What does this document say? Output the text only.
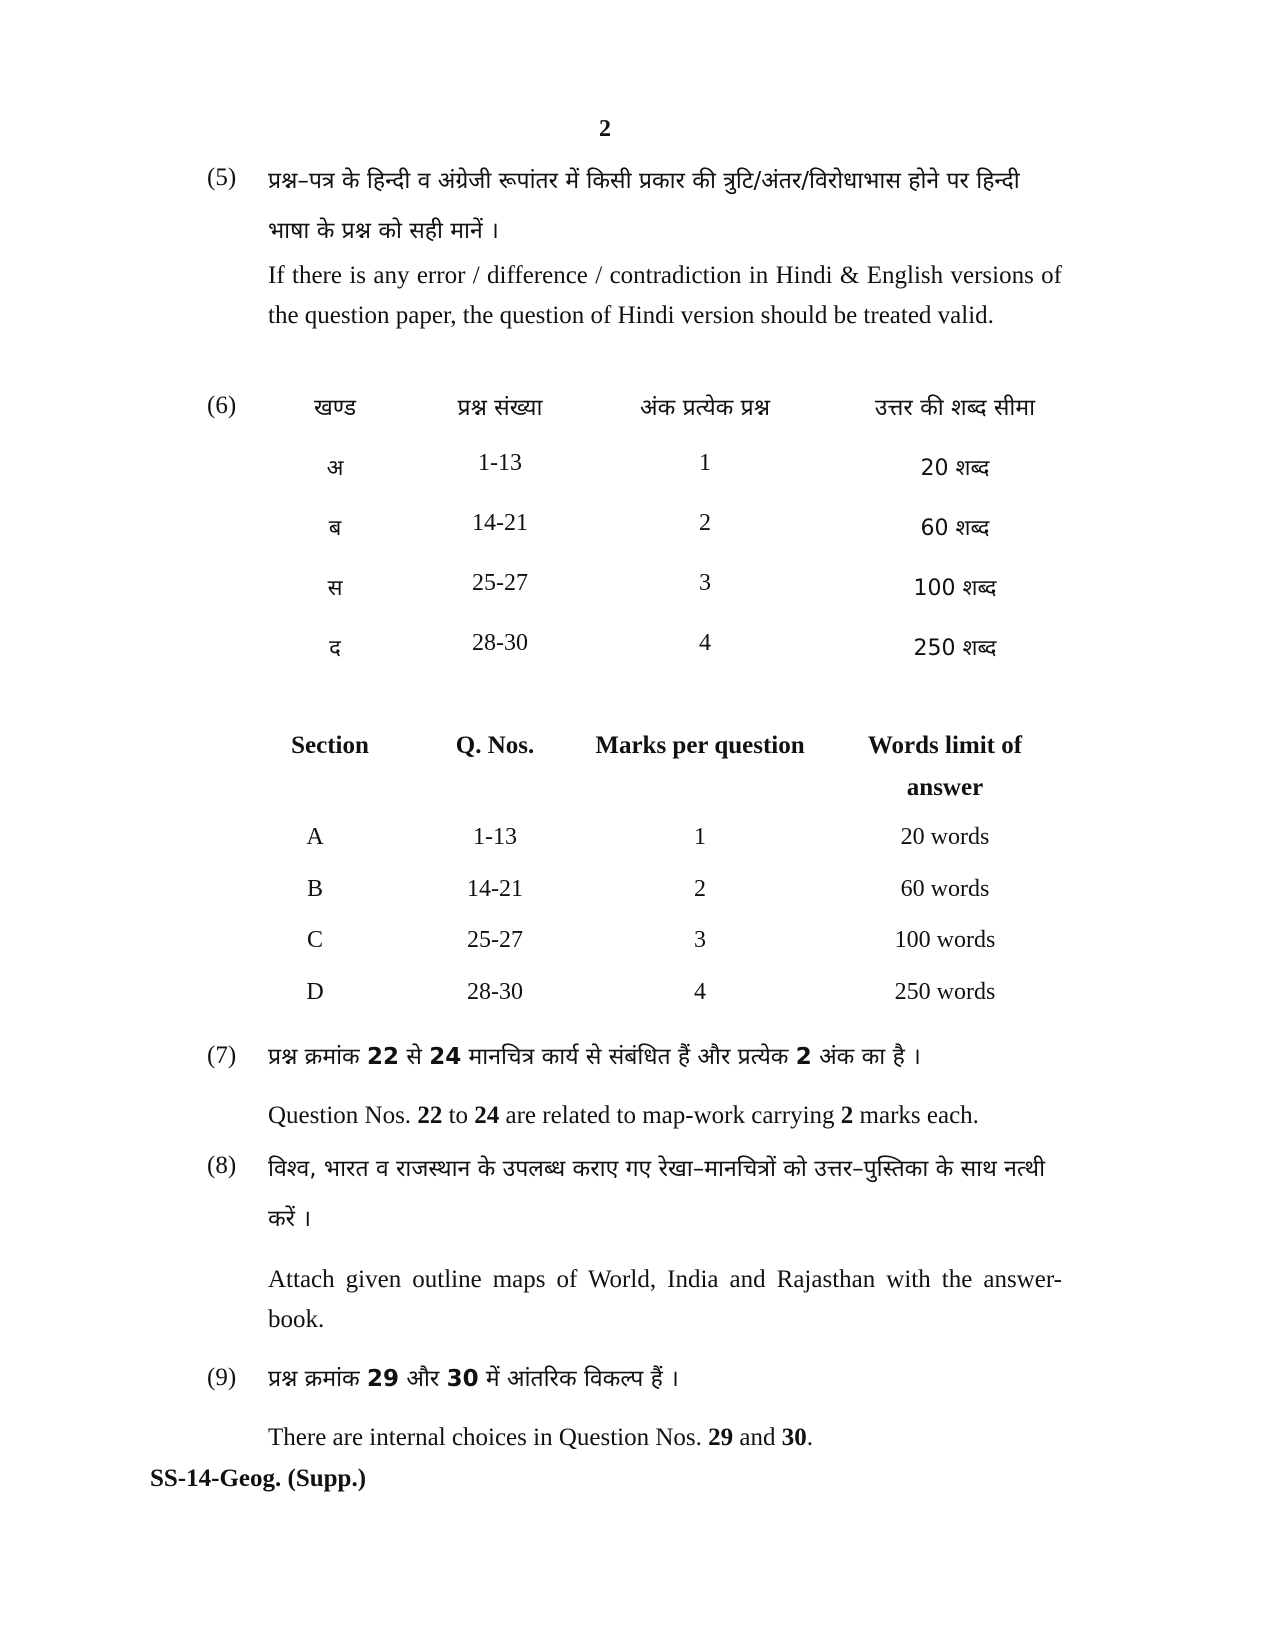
2
(5) प्रश्न–पत्र के हिन्दी व अंग्रेजी रूपांतर में किसी प्रकार की त्रुटि/अंतर/विरोधाभास होने पर हिन्दी भाषा के प्रश्न को सही मानें ।
If there is any error / difference / contradiction in Hindi & English versions of the question paper, the question of Hindi version should be treated valid.
(6)	खण्ड	प्रश्न संख्या	अंक प्रत्येक प्रश्न	उत्तर की शब्द सीमा
अ	1-13	1	20 शब्द
ब	14-21	2	60 शब्द
स	25-27	3	100 शब्द
द	28-30	4	250 शब्द
Section	Q. Nos.	Marks per question	Words limit of
answer
A	1-13	1	20 words
B	14-21	2	60 words
C	25-27	3	100 words
D	28-30	4	250 words
(7) प्रश्न क्रमांक 22 से 24 मानचित्र कार्य से संबंधित हैं और प्रत्येक 2 अंक का है ।
Question Nos. 22 to 24 are related to map-work carrying 2 marks each.
(8) विश्व, भारत व राजस्थान के उपलब्ध कराए गए रेखा–मानचित्रों को उत्तर–पुस्तिका के साथ नत्थी करें ।
Attach given outline maps of World, India and Rajasthan with the answer-book.
(9) प्रश्न क्रमांक 29 और 30 में आंतरिक विकल्प हैं ।
There are internal choices in Question Nos. 29 and 30.
SS-14-Geog. (Supp.)
